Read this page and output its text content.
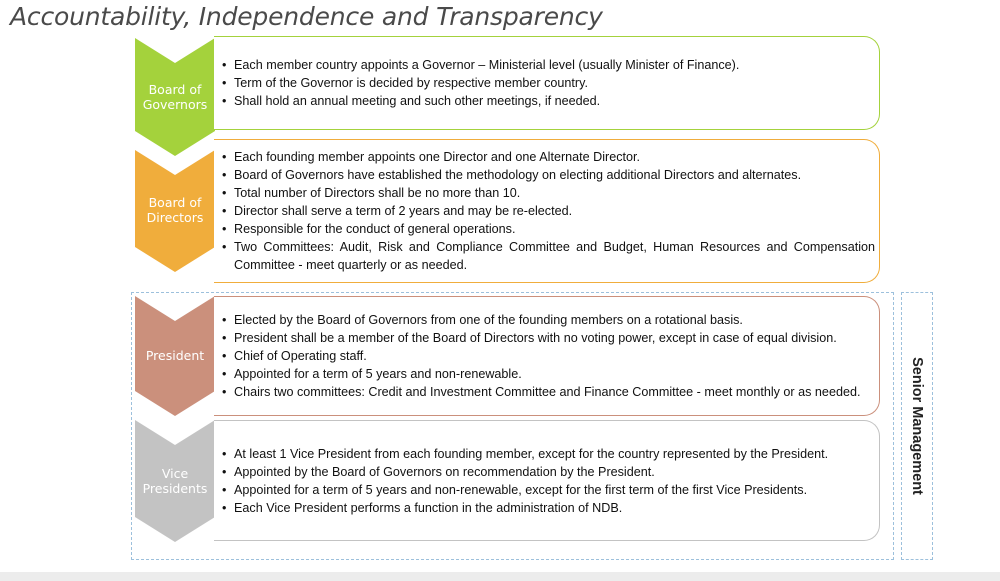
Accountability, Independence and Transparency
Senior Management
Board of
Governors
• Each member country appoints a Governor – Ministerial level (usually Minister of Finance).
• Term of the Governor is decided by respective member country.
• Shall hold an annual meeting and such other meetings, if needed.
Board of
Directors
• Each founding member appoints one Director and one Alternate Director.
• Board of Governors have established the methodology on electing additional Directors and alternates.
• Total number of Directors shall be no more than 10.
• Director shall serve a term of 2 years and may be re-elected.
• Responsible for the conduct of general operations.
• Two Committees: Audit, Risk and Compliance Committee and Budget, Human Resources and Compensation Committee - meet quarterly or as needed.
President
• Elected by the Board of Governors from one of the founding members on a rotational basis.
• President shall be a member of the Board of Directors with no voting power, except in case of equal division.
• Chief of Operating staff.
• Appointed for a term of 5 years and non-renewable.
• Chairs two committees: Credit and Investment Committee and Finance Committee - meet monthly or as needed.
Vice
Presidents
• At least 1 Vice President from each founding member, except for the country represented by the President.
• Appointed by the Board of Governors on recommendation by the President.
• Appointed for a term of 5 years and non-renewable, except for the first term of the first Vice Presidents.
• Each Vice President performs a function in the administration of NDB.
